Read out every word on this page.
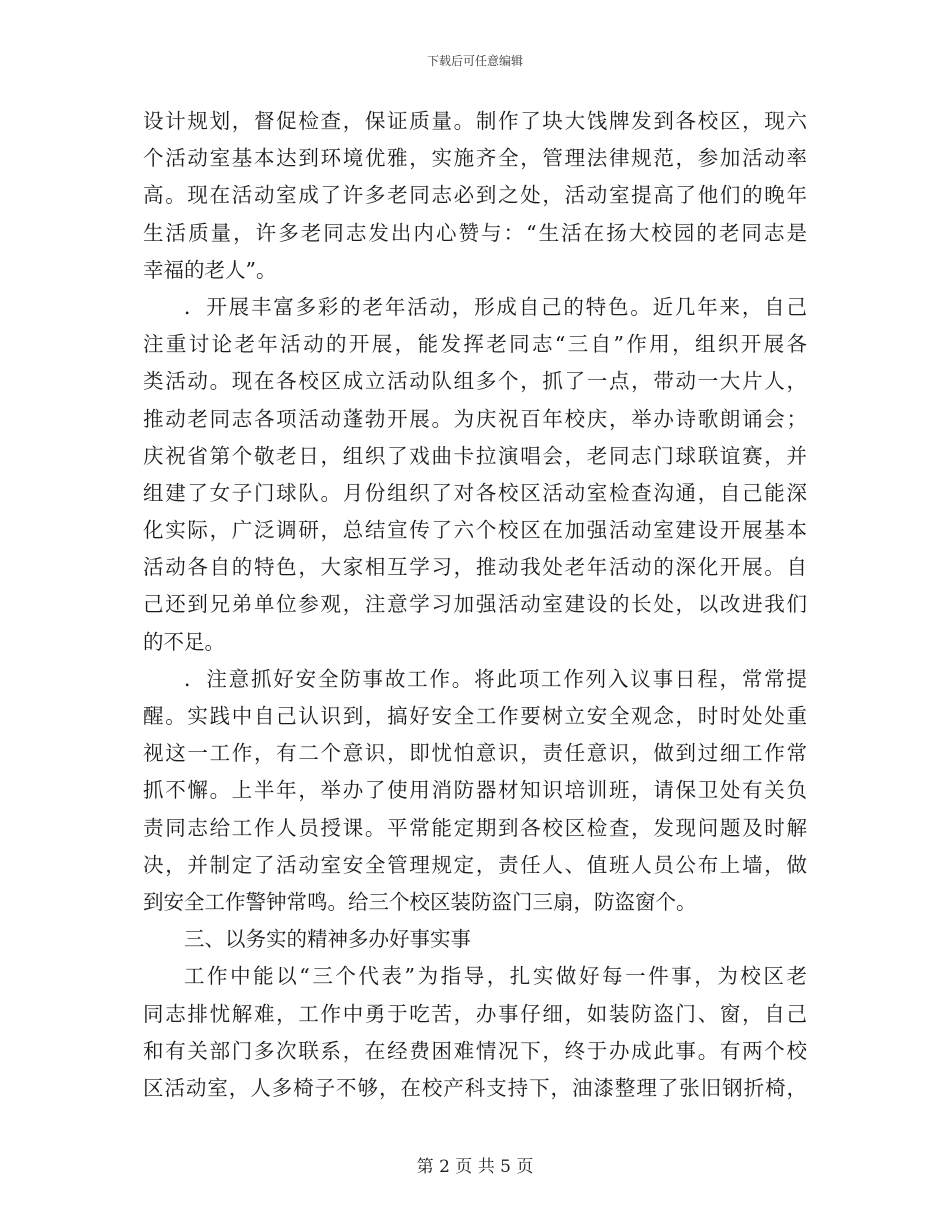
下载后可任意编辑
设计规划，督促检查，保证质量。制作了块大饯牌发到各校区，现六
个活动室基本达到环境优雅，实施齐全，管理法律规范，参加活动率
高。现在活动室成了许多老同志必到之处，活动室提高了他们的晚年
生活质量，许多老同志发出内心赞与：“生活在扬大校园的老同志是
幸福的老人”。
．开展丰富多彩的老年活动，形成自己的特色。近几年来，自己
注重讨论老年活动的开展，能发挥老同志“三自”作用，组织开展各
类活动。现在各校区成立活动队组多个，抓了一点，带动一大片人，
推动老同志各项活动蓬勃开展。为庆祝百年校庆，举办诗歌朗诵会；
庆祝省第个敬老日，组织了戏曲卡拉演唱会，老同志门球联谊赛，并
组建了女子门球队。月份组织了对各校区活动室检查沟通，自己能深
化实际，广泛调研，总结宣传了六个校区在加强活动室建设开展基本
活动各自的特色，大家相互学习，推动我处老年活动的深化开展。自
己还到兄弟单位参观，注意学习加强活动室建设的长处，以改进我们
的不足。
．注意抓好安全防事故工作。将此项工作列入议事日程，常常提
醒。实践中自己认识到，搞好安全工作要树立安全观念，时时处处重
视这一工作，有二个意识，即忧怕意识，责任意识，做到过细工作常
抓不懈。上半年，举办了使用消防器材知识培训班，请保卫处有关负
责同志给工作人员授课。平常能定期到各校区检查，发现问题及时解
决，并制定了活动室安全管理规定，责任人、值班人员公布上墙，做
到安全工作警钟常鸣。给三个校区装防盗门三扇，防盗窗个。
三、以务实的精神多办好事实事
工作中能以“三个代表”为指导，扎实做好每一件事，为校区老
同志排忧解难，工作中勇于吃苦，办事仔细，如装防盗门、窗，自己
和有关部门多次联系，在经费困难情况下，终于办成此事。有两个校
区活动室，人多椅子不够，在校产科支持下，油漆整理了张旧钢折椅，
第 2 页 共 5 页
